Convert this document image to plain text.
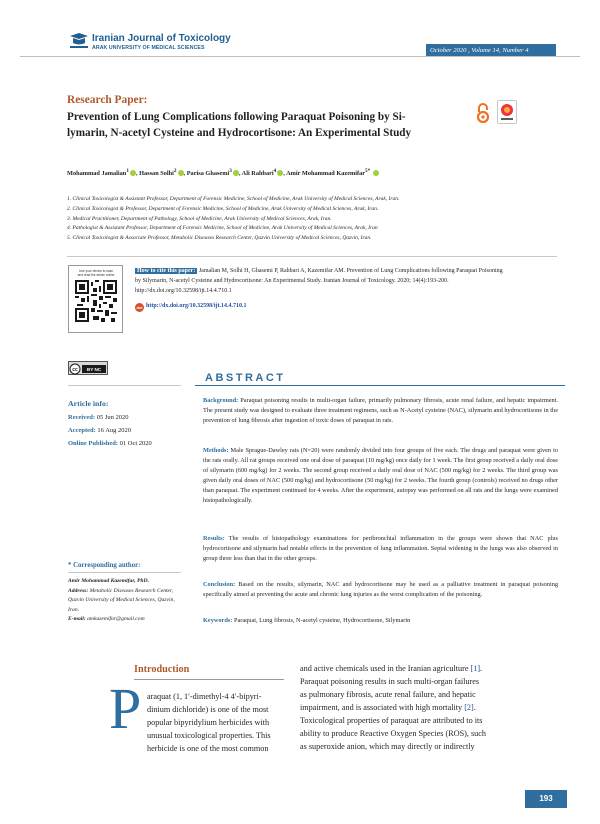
Iranian Journal of Toxicology
ARAK UNIVERSITY OF MEDICAL SCIENCES	October 2020 , Volume 14, Number 4
Research Paper:
Prevention of Lung Complications following Paraquat Poisoning by Si-
lymarin, N-acetyl Cysteine and Hydrocortisone: An Experimental Study
Mohammad Jamalian$^1$ , Hassan Solhi$^2$ , Parisa Ghasemi$^3$ , Ali Rahbari$^4$ , Amir Mohammad Kazemifar$^{5*}$
1. Clinical Toxicologist & Assistant Professor, Department of Forensic Medicine, School of Medicine, Arak University of Medical Sciences, Arak, Iran.
2. Clinical Toxicologist & Professor, Department of Forensic Medicine, School of Medicine, Arak University of Medical Sciences, Arak, Iran.
3. Medical Practitioner, Department of Pathology, School of Medicine, Arak University of Medical Sciences, Arak, Iran.
4. Pathologist & Assistant Professor, Department of Forensic Medicine, School of Medicine, Arak University of Medical Sciences, Arak, Iran
5. Clinical Toxicologist & Associate Professor, Metabolic Diseases Research Center, Qazvin University of Medical Sciences, Qazvin, Iran.
Use your device to scan
and read the article online
How to cite this paper: Jamalian M, Solhi H, Ghasemi P, Rahbari A, Kazemifar AM. Prevention of Lung Complications following Paraquat Poisoning by Silymarin, N-acetyl Cysteine and Hydrocortisone: An Experimental Study. Iranian Journal of Toxicology. 2020; 14(4):193-200. http://dx.doi.org/10.32598/ijt.14.4.710.1
doi http://dx.doi.org/10.32598/ijt.14.4.710.1
cc BY NC
Article info:
Received: 05 Jun 2020
Accepted: 16 Aug 2020
Online Published: 01 Oct 2020
* Corresponding author:
Amir Mohammad Kazemifar, PhD.
Address: Metabolic Diseases Research Center, Qazvin University of Medical Sciences, Qazvin, Iran.
E-mail: amkazemifar@gmail.com
ABSTRACT
Background: Paraquat poisoning results in multi-organ failure, primarily pulmonary fibrosis, acute renal failure, and hepatic impairment. The present study was designed to evaluate three treatment regimens, such as N-Acetyl cysteine (NAC), silymarin and hydrocortisone in the prevention of lung fibrosis after ingestion of toxic doses of paraquat in rats.
Methods: Male Sprague-Dawley rats (N=20) were randomly divided into four groups of five each. The drugs and paraquat were given to the rats orally. All rat groups received one oral dose of paraquat (10 mg/kg) once daily for 1 week. The first group received a daily oral dose of silymarin (600 mg/kg) for 2 weeks. The second group received a daily oral dose of NAC (500 mg/kg) for 2 weeks. The third group was given daily oral doses of NAC (500 mg/kg) and hydrocortisone (50 mg/kg) for 2 weeks. The fourth group (controls) received no drugs other than paraquat. The experiment continued for 4 weeks. After the experiment, autopsy was performed on all rats and the lungs were examined histopathologically.
Results: The results of histopathology examinations for peribronchial inflammation in the groups were shown that NAC plus hydrocortisone and silymarin had notable effects in the prevention of lung inflammation. Septal widening in the lungs was also observed in group three less than that in the other groups.
Conclusion: Based on the results, silymarin, NAC and hydrocortisone may be used as a palliative treatment in paraquat poisoning specifically aimed at preventing the acute and chronic lung injuries as the worst complication of the poisoning.
Keywords: Paraquat, Lung fibrosis, N-acetyl cysteine, Hydrocortisone, Silymarin
Introduction
P araquat (1, 1′-dimethyl-4 4′-bipyri-
dinium dichloride) is one of the most
popular bipyridylium herbicides with
unusual toxicological properties. This
herbicide is one of the most common
and active chemicals used in the Iranian agriculture [1].
Paraquat poisoning results in such multi-organ failures
as pulmonary fibrosis, acute renal failure, and hepatic
impairment, and is associated with high mortality [2].
Toxicological properties of paraquat are attributed to its
ability to produce Reactive Oxygen Species (ROS), such
as superoxide anion, which may directly or indirectly
193
